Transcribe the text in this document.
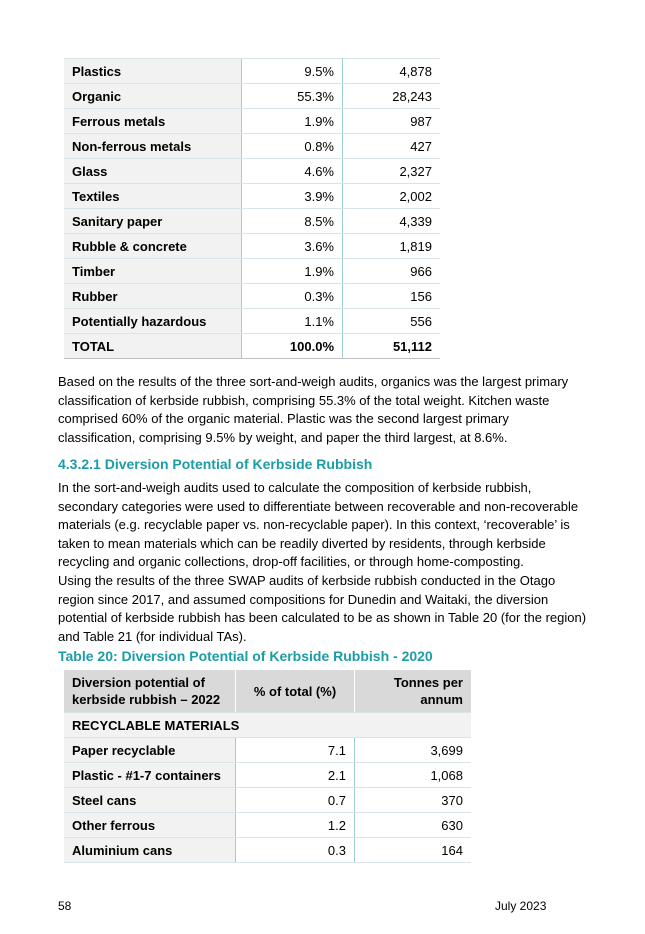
Plastics	9.5%	4,878
Organic	55.3%	28,243
Ferrous metals	1.9%	987
Non-ferrous metals	0.8%	427
Glass	4.6%	2,327
Textiles	3.9%	2,002
Sanitary paper	8.5%	4,339
Rubble & concrete	3.6%	1,819
Timber	1.9%	966
Rubber	0.3%	156
Potentially hazardous	1.1%	556
TOTAL	100.0%	51,112

Based on the results of the three sort-and-weigh audits, organics was the largest primary classification of kerbside rubbish, comprising 55.3% of the total weight. Kitchen waste comprised 60% of the organic material. Plastic was the second largest primary classification, comprising 9.5% by weight, and paper the third largest, at 8.6%.

4.3.2.1 Diversion Potential of Kerbside Rubbish

In the sort-and-weigh audits used to calculate the composition of kerbside rubbish, secondary categories were used to differentiate between recoverable and non-recoverable materials (e.g. recyclable paper vs. non-recyclable paper). In this context, ‘recoverable’ is taken to mean materials which can be readily diverted by residents, through kerbside recycling and organic collections, drop-off facilities, or through home-composting.

Using the results of the three SWAP audits of kerbside rubbish conducted in the Otago region since 2017, and assumed compositions for Dunedin and Waitaki, the diversion potential of kerbside rubbish has been calculated to be as shown in Table 20 (for the region) and Table 21 (for individual TAs).

Table 20: Diversion Potential of Kerbside Rubbish - 2020
Diversion potential of kerbside rubbish – 2022	% of total (%)	Tonnes per annum
RECYCLABLE MATERIALS		
Paper recyclable	7.1	3,699
Plastic - #1-7 containers	2.1	1,068
Steel cans	0.7	370
Other ferrous	1.2	630
Aluminium cans	0.3	164
58	July 2023
